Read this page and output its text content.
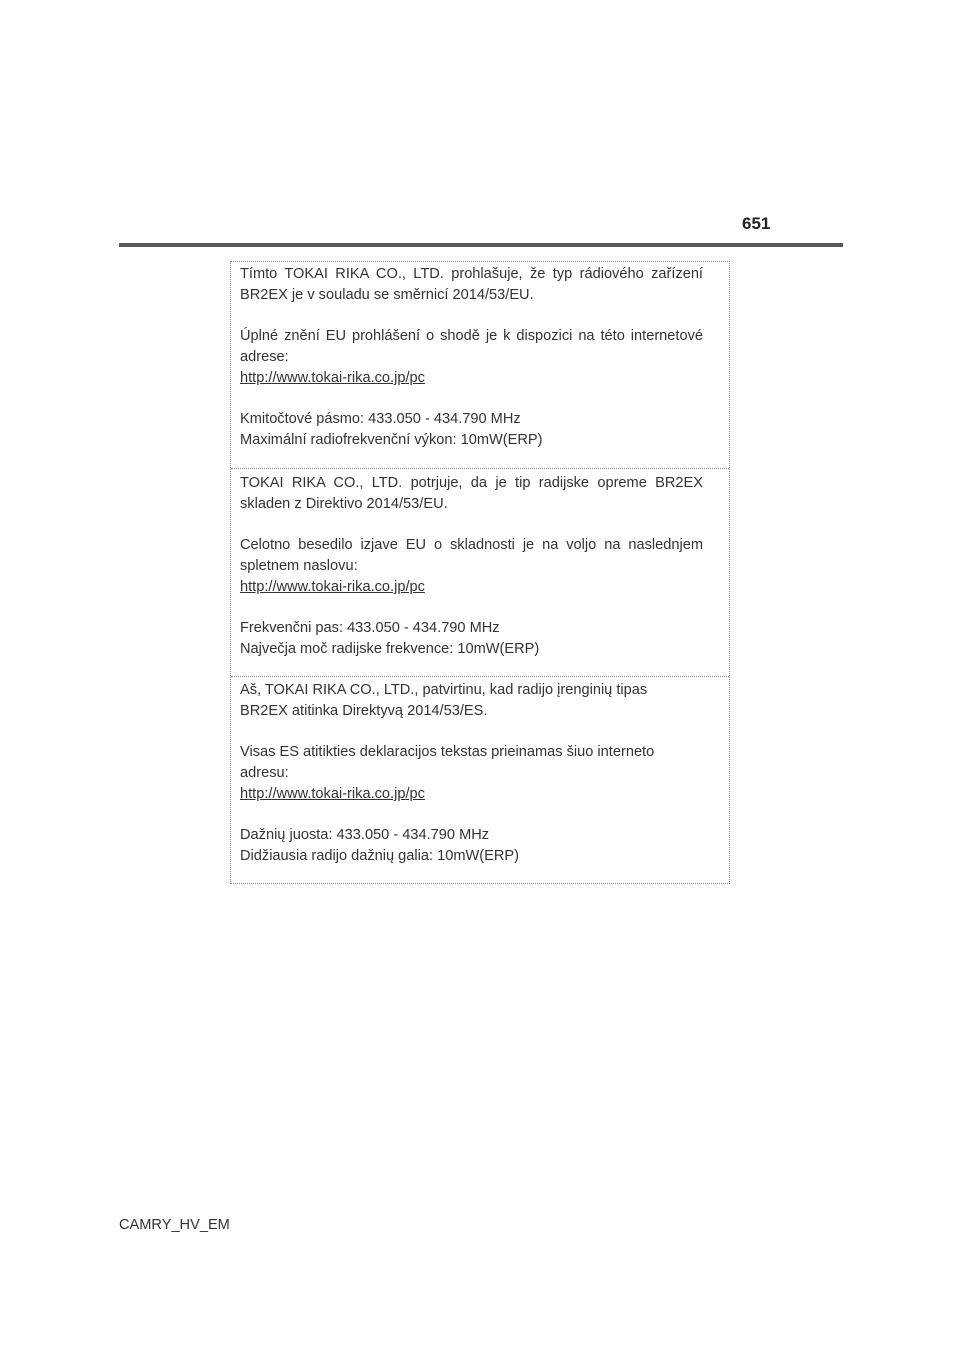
651

Tímto TOKAI RIKA CO., LTD. prohlašuje, že typ rádiového zařízení BR2EX je v souladu se směrnicí 2014/53/EU.

Úplné znění EU prohlášení o shodě je k dispozici na této internetové adrese:

http://www.tokai-rika.co.jp/pc

Kmitočtové pásmo: 433.050 - 434.790 MHz
Maximální radiofrekvenční výkon: 10mW(ERP)

TOKAI RIKA CO., LTD. potrjuje, da je tip radijske opreme BR2EX skladen z Direktivo 2014/53/EU.

Celotno besedilo izjave EU o skladnosti je na voljo na naslednjem spletnem naslovu:

http://www.tokai-rika.co.jp/pc

Frekvenčni pas: 433.050 - 434.790 MHz
Največja moč radijske frekvence: 10mW(ERP)

Aš, TOKAI RIKA CO., LTD., patvirtinu, kad radijo įrenginių tipas
BR2EX atitinka Direktyvą 2014/53/ES.

Visas ES atitikties deklaracijos tekstas prieinamas šiuo interneto
adresu:

http://www.tokai-rika.co.jp/pc

Dažnių juosta: 433.050 - 434.790 MHz
Didžiausia radijo dažnių galia: 10mW(ERP)
CAMRY_HV_EM
